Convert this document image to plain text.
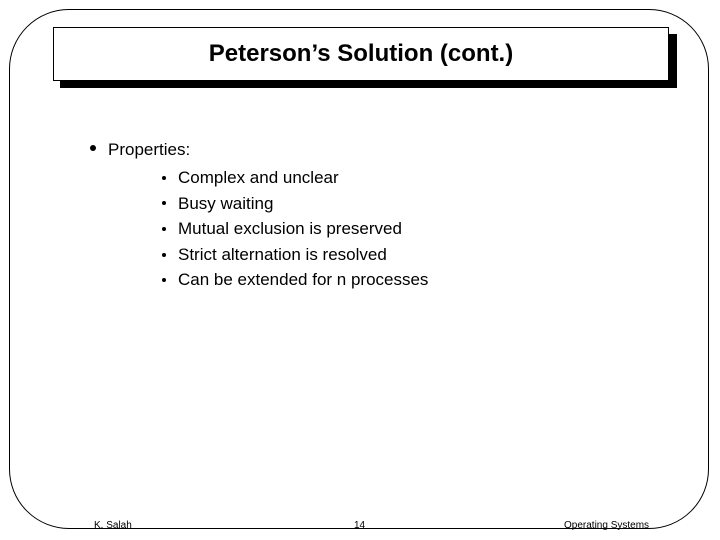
Peterson’s Solution (cont.)
Properties:
Complex and unclear
Busy waiting
Mutual exclusion is preserved
Strict alternation is resolved
Can be extended for n processes
K. Salah	14	Operating Systems
